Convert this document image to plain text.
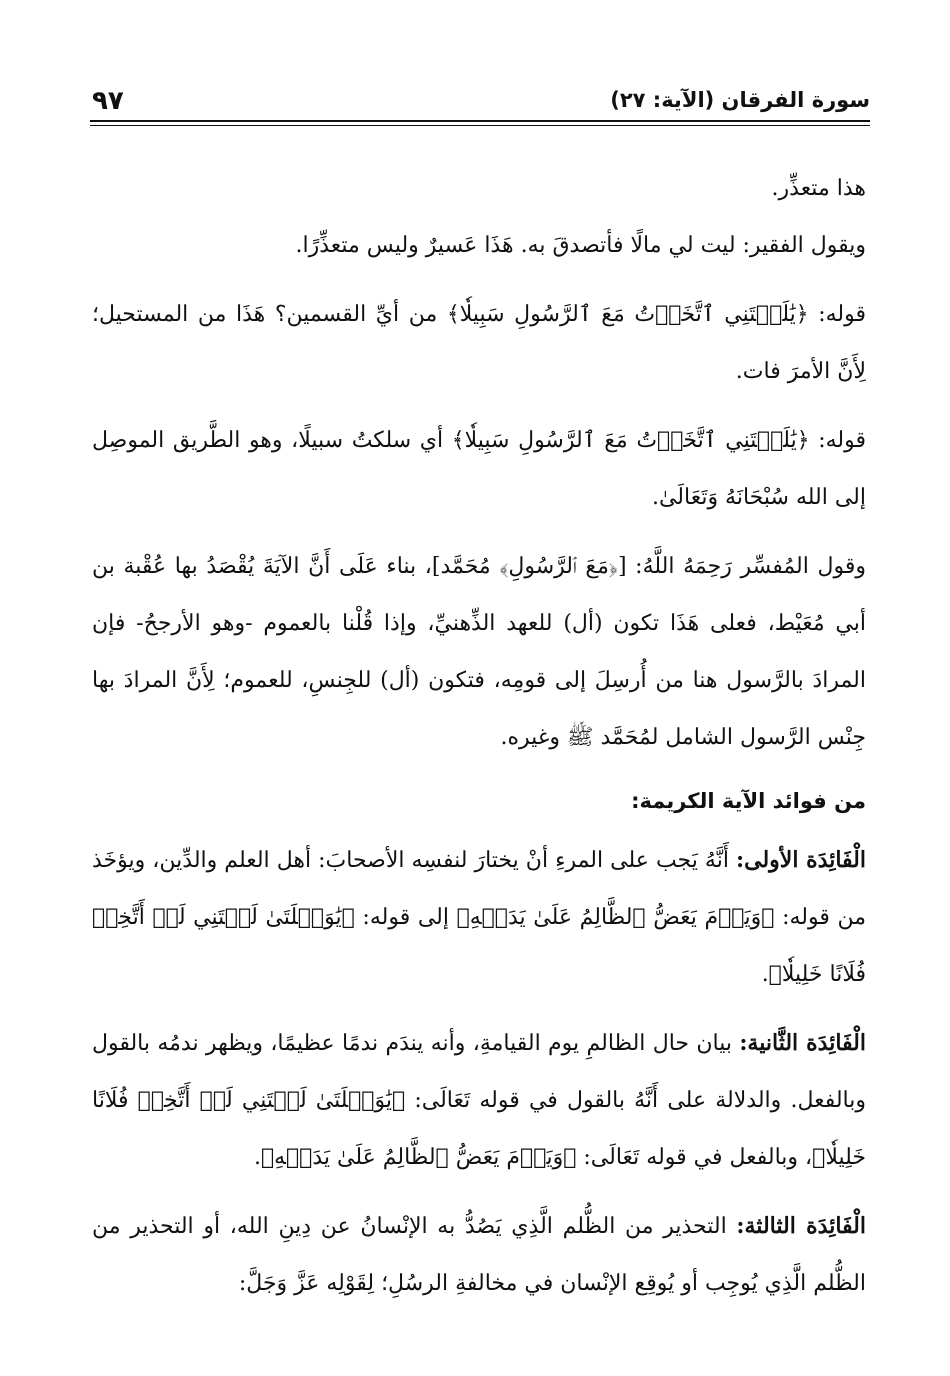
٩٧	سورة الفرقان (الآية: ٢٧)

هذا متعذِّر.

ويقول الفقير: ليت لي مالًا فأتصدقَ به. هَذَا عَسيرٌ وليس متعذِّرًا.

قوله: ﴿يَٰلَيۡتَنِي ٱتَّخَذۡتُ مَعَ ٱلرَّسُولِ سَبِيلٗا﴾ من أيِّ القسمين؟ هَذَا من المستحيل؛ لِأَنَّ الأمرَ فات.

قوله: ﴿يَٰلَيۡتَنِي ٱتَّخَذۡتُ مَعَ ٱلرَّسُولِ سَبِيلٗا﴾ أي سلكتُ سبيلًا، وهو الطَّريق الموصِل إلى الله سُبْحَانَهُ وَتَعَالَىٰ.

وقول المُفسِّر رَحِمَهُ اللَّهُ: [﴿مَعَ ٱلرَّسُولِ﴾ مُحَمَّد]، بناء عَلَى أَنَّ الآيَةَ يُقْصَدُ بها عُقْبة بن أبي مُعَيْط، فعلى هَذَا تكون (أل) للعهد الذِّهنيِّ، وإذا قُلْنا بالعموم -وهو الأرجحُ- فإن المرادَ بالرَّسول هنا من أُرسِلَ إلى قومِه، فتكون (أل) للجِنسِ، للعموم؛ لِأَنَّ المرادَ بها جِنْس الرَّسول الشامل لمُحَمَّد ﷺ وغيره.

من فوائد الآية الكريمة:

الْفَائِدَة الأولى: أَنَّهُ يَجب على المرءِ أنْ يختارَ لنفسِه الأصحابَ: أهل العلم والدِّين، ويؤخَذ من قوله: ﴿وَيَوۡمَ يَعَضُّ ٱلظَّالِمُ عَلَىٰ يَدَيۡهِ﴾ إلى قوله: ﴿يَٰوَيۡلَتَىٰ لَيۡتَنِي لَمۡ أَتَّخِذۡ فُلَانًا خَلِيلٗا﴾.

الْفَائِدَة الثَّانية: بيان حال الظالمِ يوم القيامةِ، وأنه يندَم ندمًا عظيمًا، ويظهر ندمُه بالقول وبالفعل. والدلالة على أَنَّهُ بالقول في قوله تَعَالَى: ﴿يَٰوَيۡلَتَىٰ لَيۡتَنِي لَمۡ أَتَّخِذۡ فُلَانًا خَلِيلٗا﴾، وبالفعل في قوله تَعَالَى: ﴿وَيَوۡمَ يَعَضُّ ٱلظَّالِمُ عَلَىٰ يَدَيۡهِ﴾.

الْفَائِدَة الثالثة: التحذير من الظُّلم الَّذِي يَصُدُّ به الإنْسانُ عن دِينِ الله، أو التحذير من الظُّلم الَّذِي يُوجِب أو يُوقِع الإنْسان في مخالفةِ الرسُلِ؛ لِقَوْلِه عَزَّ وَجَلَّ:
